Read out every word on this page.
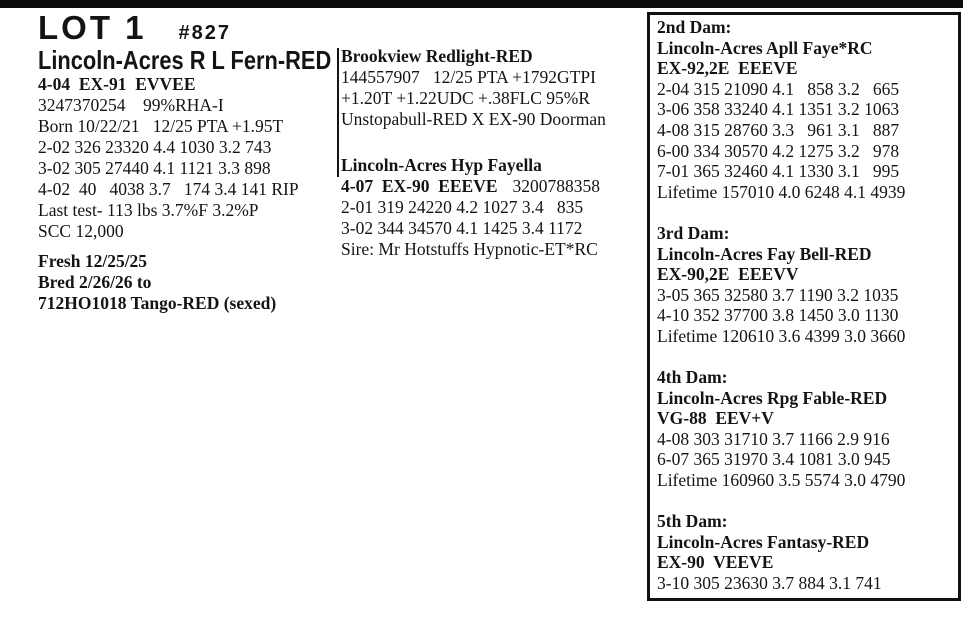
LOT 1 #827
Lincoln-Acres R L Fern-RED
4-04  EX-91  EVVEE
3247370254    99%RHA-I
Born 10/22/21   12/25 PTA +1.95T
2-02 326 23320 4.4 1030 3.2 743
3-02 305 27440 4.1 1121 3.3 898
4-02  40   4038 3.7   174 3.4 141 RIP
Last test- 113 lbs 3.7%F 3.2%P
SCC 12,000
Fresh 12/25/25
Bred 2/26/26 to
712HO1018 Tango-RED (sexed)
Brookview Redlight-RED
144557907   12/25 PTA +1792GTPI
+1.20T +1.22UDC +.38FLC 95%R
Unstopabull-RED X EX-90 Doorman
Lincoln-Acres Hyp Fayella
4-07  EX-90  EEEVE 3200788358
2-01 319 24220 4.2 1027 3.4   835
3-02 344 34570 4.1 1425 3.4 1172
Sire: Mr Hotstuffs Hypnotic-ET*RC
2nd Dam:
Lincoln-Acres Apll Faye*RC
EX-92,2E  EEEVE
2-04 315 21090 4.1   858 3.2   665
3-06 358 33240 4.1 1351 3.2 1063
4-08 315 28760 3.3   961 3.1   887
6-00 334 30570 4.2 1275 3.2   978
7-01 365 32460 4.1 1330 3.1   995
Lifetime 157010 4.0 6248 4.1 4939
3rd Dam:
Lincoln-Acres Fay Bell-RED
EX-90,2E  EEEVV
3-05 365 32580 3.7 1190 3.2 1035
4-10 352 37700 3.8 1450 3.0 1130
Lifetime 120610 3.6 4399 3.0 3660
4th Dam:
Lincoln-Acres Rpg Fable-RED
VG-88  EEV+V
4-08 303 31710 3.7 1166 2.9 916
6-07 365 31970 3.4 1081 3.0 945
Lifetime 160960 3.5 5574 3.0 4790
5th Dam:
Lincoln-Acres Fantasy-RED
EX-90  VEEVE
3-10 305 23630 3.7 884 3.1 741
